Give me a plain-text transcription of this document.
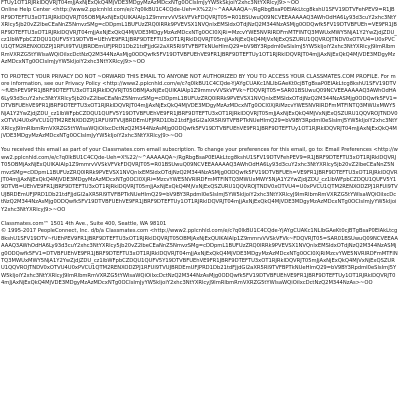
FTUy1OT1RJRklDQVRJT04mJjAxNjExQkQ4MjVDE3MDgyMzAzMDcxNTg0OCIsImJyYW5kSkjoiY2xhc3NtYXRlcyJ9>~OO

Online Help Center <http://www2.pplcnhld.com/e/c?q0lkBU1C4CQde-Ueh=X%22/~^AAAAAQA~/RgRbgBsaP0EIAkLtcg8kshU1SFV19DTVFehPEV9=R1JBRF9DTEFTU3xOT1RJRklDQVRJT05OBMjAxNjExQUlKAIAlp1Z9mmrvVVSkVFVkFDQVRJT05=R01BSUwuQ09NCVEEAAAAAQ3AWhOdHA6Ly93d3cuY2xhc3NtYXRlcy5jb20vZ2lbeCEaNnZ5NmvzSMg=cDDpmL1BUFUzZRQ0lRRk9PVEVSX1NVQnlxEMSIdxOTdjNzQ2M344NzASMjg0ODQwfk5FV19DTVBFUEh=VE9FR1JBRF9DTEFTU3xOT1RJRklDQVRJT04mJjAxNjExQkQ4MjVDE3MDgyMzAzMDcxNTg0OCI0XjRi=MzcvYWE5NVRIRDFmMTFlNTQ3MWUxMWY5NjA1Y2YwZjdjZDU_cz1lbWFpbCZDQU1QUFV5Y19DTVB=UEhVE9FR1JBRF9DTEFTU3xOT1RJRklDQVRJT05mJjAxNjExQkQ4MjVxNjExQSZURU1QQVROJTNDV0xOTVU4=U0xPVCU1QTM2RENXODZPJ1RFUl9TVUJBRDEmUFJPRD1Db21tdFJjdGl2aXR5Rl9TVFBPTkNUeHlmQ29=bV9BY3RpdmI0eSlsImJ5YW5kIjoiY2xhc3NtYXRlcyJ9ImRlbmRmVXRZG5tYWlsaWQiOiIxcDctNzQ2M344NzAsMjg0ODQwfk5FV19DTVBFUEhVE9FR1JBRF9DTEFTUy1OT1RJRklDQVRJT04mJjAxNjExQkQ4MjVDE3MDgyMzAzMDcxNTg0OCIsImJyYW5kIjoiY2xhc3NtYXRlcyJ9>~OO

TO PROTECT YOUR PRIVACY DO NOT ~ORWARD THIS EMAIL TO ANYONE NOT AUTHORIZED BY YOU TO ACCESS YOUR CLASSMATES.COM PROFILE. For more information, see our Privacy Policy <http://www2.pplcnhld.com/e/c?q0lkBU1C4CQde-YjAYgCUAKc1NLlbGAeKt0cjBTgBsaP0EIAkLtcg8kshU1SFV19DTV~fUEhPEV9FR1JBRF9DTEFTU3xOT1RJRklDQVRJT05OBMjAxNjExQUlKAIAlp1Z9mmrvVVSkVFVk~FDQVRJT05=SAR01BSUwuQ09NCVEEAAAAAQ3AWhOdHA6Ly93d3cuY2xhc3NtYXRlcy5jb20vZ2lbeCEaNnZ5NmvzSMg=cDDpmL1BUFUzZRQ0lRRk9PVEVSX1NVQnlxEMSIdxOTdjNzQ2M344NzASMjg0ODQwfk5FV1=DTVBFUEhVE9FR1JBRF9DTEFTU3xOT1RJRklDQVRJT04mJjAxNjExQkQ4MjVDE3MDgyMzAzMDcxNTg0OCI0XjRiMzcvYWE5NVRIRDFmMTFlNTQ3MWUxMWY5NjA1Y2YwZjdjZDU_cz1lbWFpbCZDQU1QUFV5Y19DTVBFUEhVE9FR1JBRF9DTEFTU3xOT1RJRklDQVRJT05mJjAxNjExQkQ4MjVxNjExQSZURU1QQVROJTNDV0xOTVU4U0xPVCU1QTM2RENXODZPJ1RFUl9TVUJBRDEmUFJPRD1Db21tdFJjdGl2aXR5Rl9TVFBPTkNUeHlmQ29=bV9BY3RpdmI0eSlsImJ5YW5kIjoiY2xhc3NtYXRlcyJ9ImRlbmRmVXRZG5tYWlsaWQiOiIxcDctNzQ2M344NzAsMjg0ODQwfk5FV19DTVBFUEhVE9FR1JBRF9DTEFTUy1OT1RJRklDQVRJT04mJjAxNjExQkQ4MjVDE3MDgyMzAzMDcxNTg0OCIsImJyYW5kIjoiY2xhc3NtYXRlcyJ9>~OO

You received this email as part of your Classmates.com email subscription. To change your preferences for this email, go to: Email Preferences <http://www2.pplcnhld.com/e/c?q0lkBU1C4CQde-Ueh=X%22/~^AAAAAQA~/RgRbgBsaP0EIAkLtcg8kshU1SFV19DTVFehPEV9=R1JBRF9DTEFTU3xOT1RJRklDQVRJT05OBMjAxNjExQUlKAIAlp1Z9mmrvVVSkVFVkFDQVRJT05=R01BSUwuQ09NCVEEAAAAAQ3AWhOdHA6Ly93d3cuY2xhc3NtYXRlcy5jb20vZ2lbeCEaNnZ5NmvzSMg=cDDpmL1BUFUzZRQ0lRRk9PVEVSX1NVQnlxEMSIdxOTdjNzQ2M344NzASMjg0ODQwfk5FV19DTVBFUEh=VE9FR1JBRF9DTEFTU3xOT1RJRklDQVRJT04mJjAxNjExQkQ4MjVDE3MDgyMzAzMDcxNTg0OCI0XjRi=MzcvYWE5NVRIRDFmMTFlNTQ3MWUxMWY5NjA1Y2YwZjdjZDU_cz1lbWFpbCZDQU1QUFV5Y19DTVB=UEhVE9FR1JBRF9DTEFTU3xOT1RJRklDQVRJT05mJjAxNjExQkQ4MjVxNjExQSZURU1QQVROJTNDV0xOTVU4=U0xPVCU1QTM2RENXODZPJ1RFUl9TVUJBRDEmUFJPRD1Db21tdFJjdGl2aXR5Rl9TVFBPTkNUeHlmQ29=bV9BY3RpdmI0eSlsImJ5YW5kIjoiY2xhc3NtYXRlcyJ9ImRlbmRmVXRZG5tYWlsaWQiOiIxcDctNzQ2M344NzAsMjg0ODQwfk5FV19DTVBFUEhVE9FR1JBRF9DTEFTUy1OT1RJRklDQVRJT04mJjAxNjExQkQ4MjVDE3MDgyMzAzMDcxNTg0OCIsImJyYW5kIjoiY2xhc3NtYXRlcyJ9>~OO

Classmates.com™ 1501 4th Ave., Suite 400, Seattle, WA 98101

© 1995-2017 PeopleConnect, Inc. d/b/a Classmates.com <http://www2.pplcnhld.com/e/c?q0lkBU1C4CQde-YjAYgCUAKc1NLlbGAeKt0cjBTgBsaP0EIAkLtcg8kshU1SFV19DTV~fUEhPEV9FR1JBRF9DTEFTU3xOT1RJRklDQVRJT05OBMjAxNjExQUlKAIAlp1Z9mmrvVVSkVFVk~FDQVRJT05=SAR01BSUwuQ09NCVEEAAAAAQ3AWhOdHA6Ly93d3cuY2xhc3NtYXRlcy5jb20vZ2lbeCEaNnZ5NmvzSMg=cDDpmL1BUFUzZRQ0lRRk9PVEVSX1NVQnlxEMSIdxOTdjNzQ2M344NzASMjg0ODQwfk5FV1=DTVBFUEhVE9FR1JBRF9DTEFTU3xOT1RJRklDQVRJT04mJjAxNjExQkQ4MjVDE3MDgyMzAzMDcxNTg0OCI0XjRiMzcvYWE5NVRIRDFmMTFlNTQ3MWUxMWY5NjA1Y2YwZjdjZDU_cz1lbWFpbCZDQU1QUFV5Y19DTVBFUEhVE9FR1JBRF9DTEFTU3xOT1RJRklDQVRJT05mJjAxNjExQkQ4MjVxNjExQSZURU1QQVROJTNDV0xOTVU4U0xPVCU1QTM2RENXODZPJ1RFUl9TVUJBRDEmUFJPRD1Db21tdFJjdGl2aXR5Rl9TVFBPTkNUeHlmQ29=bV9BY3RpdmI0eSlsImJ5YW5kIjoiY2xhc3NtYXRlcyJ9ImRlbmRmVXRZG5tYWlsaWQiOiIxcDctNzQ2M344NzAsMjg0ODQwfk5FV19DTVBFUEhVE9FR1JBRF9DTEFTUy1OT1RJRklDQVRJT04mJjAxNjExQkQ4MjVDE3MDgyMzAzMDcxNTg0OCIsImJyYW5kIjoiY2xhc3NtYXRlcyJ9ImRlbmRmVXRZG5tYWlsaWQiOiIxcDctNzQ2M344NzAs>~OO
